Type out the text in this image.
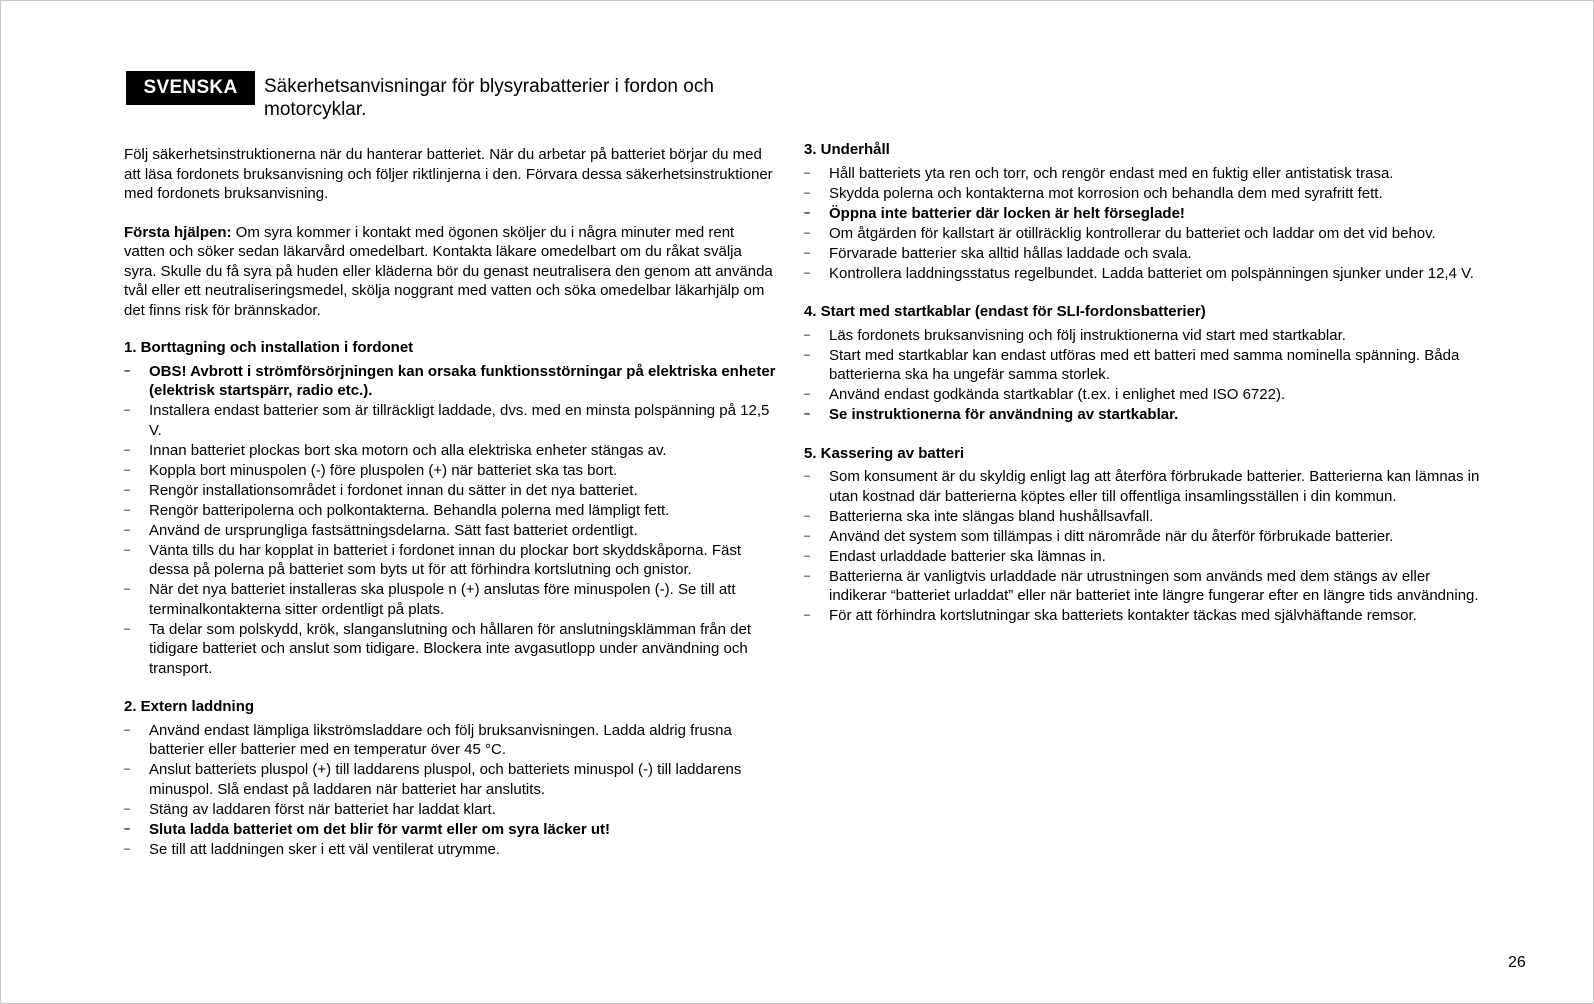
SVENSKA	Säkerhetsanvisningar för blysyrabatterier i fordon och motorcyklar.

Följ säkerhetsinstruktionerna när du hanterar batteriet. När du arbetar på batteriet börjar du med att läsa fordonets bruksanvisning och följer riktlinjerna i den. Förvara dessa säkerhetsinstruktioner med fordonets bruksanvisning.

Första hjälpen: Om syra kommer i kontakt med ögonen sköljer du i några minuter med rent vatten och söker sedan läkarvård omedelbart. Kontakta läkare omedelbart om du råkat svälja syra. Skulle du få syra på huden eller kläderna bör du genast neutralisera den genom att använda tvål eller ett neutraliseringsmedel, skölja noggrant med vatten och söka omedelbar läkarhjälp om det finns risk för brännskador.

1. Borttagning och installation i fordonet
– OBS! Avbrott i strömförsörjningen kan orsaka funktionsstörningar på elektriska enheter (elektrisk startspärr, radio etc.).
– Installera endast batterier som är tillräckligt laddade, dvs. med en minsta polspänning på 12,5 V.
– Innan batteriet plockas bort ska motorn och alla elektriska enheter stängas av.
– Koppla bort minuspolen (-) före pluspolen (+) när batteriet ska tas bort.
– Rengör installationsområdet i fordonet innan du sätter in det nya batteriet.
– Rengör batteripolerna och polkontakterna. Behandla polerna med lämpligt fett.
– Använd de ursprungliga fastsättningsdelarna. Sätt fast batteriet ordentligt.
– Vänta tills du har kopplat in batteriet i fordonet innan du plockar bort skyddskåporna. Fäst dessa på polerna på batteriet som byts ut för att förhindra kortslutning och gnistor.
– När det nya batteriet installeras ska pluspole n (+) anslutas före minuspolen (-). Se till att terminalkontakterna sitter ordentligt på plats.
– Ta delar som polskydd, krök, slanganslutning och hållaren för anslutningsklämman från det tidigare batteriet och anslut som tidigare. Blockera inte avgasutlopp under användning och transport.
2. Extern laddning
– Använd endast lämpliga likströmsladdare och följ bruksanvisningen. Ladda aldrig frusna batterier eller batterier med en temperatur över 45 °C.
– Anslut batteriets pluspol (+) till laddarens pluspol, och batteriets minuspol (-) till laddarens minuspol. Slå endast på laddaren när batteriet har anslutits.
– Stäng av laddaren först när batteriet har laddat klart.
– Sluta ladda batteriet om det blir för varmt eller om syra läcker ut!
– Se till att laddningen sker i ett väl ventilerat utrymme.
3. Underhåll
– Håll batteriets yta ren och torr, och rengör endast med en fuktig eller antistatisk trasa.
– Skydda polerna och kontakterna mot korrosion och behandla dem med syrafritt fett.
– Öppna inte batterier där locken är helt förseglade!
– Om åtgärden för kallstart är otillräcklig kontrollerar du batteriet och laddar om det vid behov.
– Förvarade batterier ska alltid hållas laddade och svala.
– Kontrollera laddningsstatus regelbundet. Ladda batteriet om polspänningen sjunker under 12,4 V.
4. Start med startkablar (endast för SLI-fordonsbatterier)
– Läs fordonets bruksanvisning och följ instruktionerna vid start med startkablar.
– Start med startkablar kan endast utföras med ett batteri med samma nominella spänning. Båda batterierna ska ha ungefär samma storlek.
– Använd endast godkända startkablar (t.ex. i enlighet med ISO 6722).
– Se instruktionerna för användning av startkablar.
5. Kassering av batteri
– Som konsument är du skyldig enligt lag att återföra förbrukade batterier. Batterierna kan lämnas in utan kostnad där batterierna köptes eller till offentliga insamlingsställen i din kommun.
– Batterierna ska inte slängas bland hushållsavfall.
– Använd det system som tillämpas i ditt närområde när du återför förbrukade batterier.
– Endast urladdade batterier ska lämnas in.
– Batterierna är vanligtvis urladdade när utrustningen som används med dem stängs av eller indikerar “batteriet urladdat” eller när batteriet inte längre fungerar efter en längre tids användning.
– För att förhindra kortslutningar ska batteriets kontakter täckas med självhäftande remsor.
26
